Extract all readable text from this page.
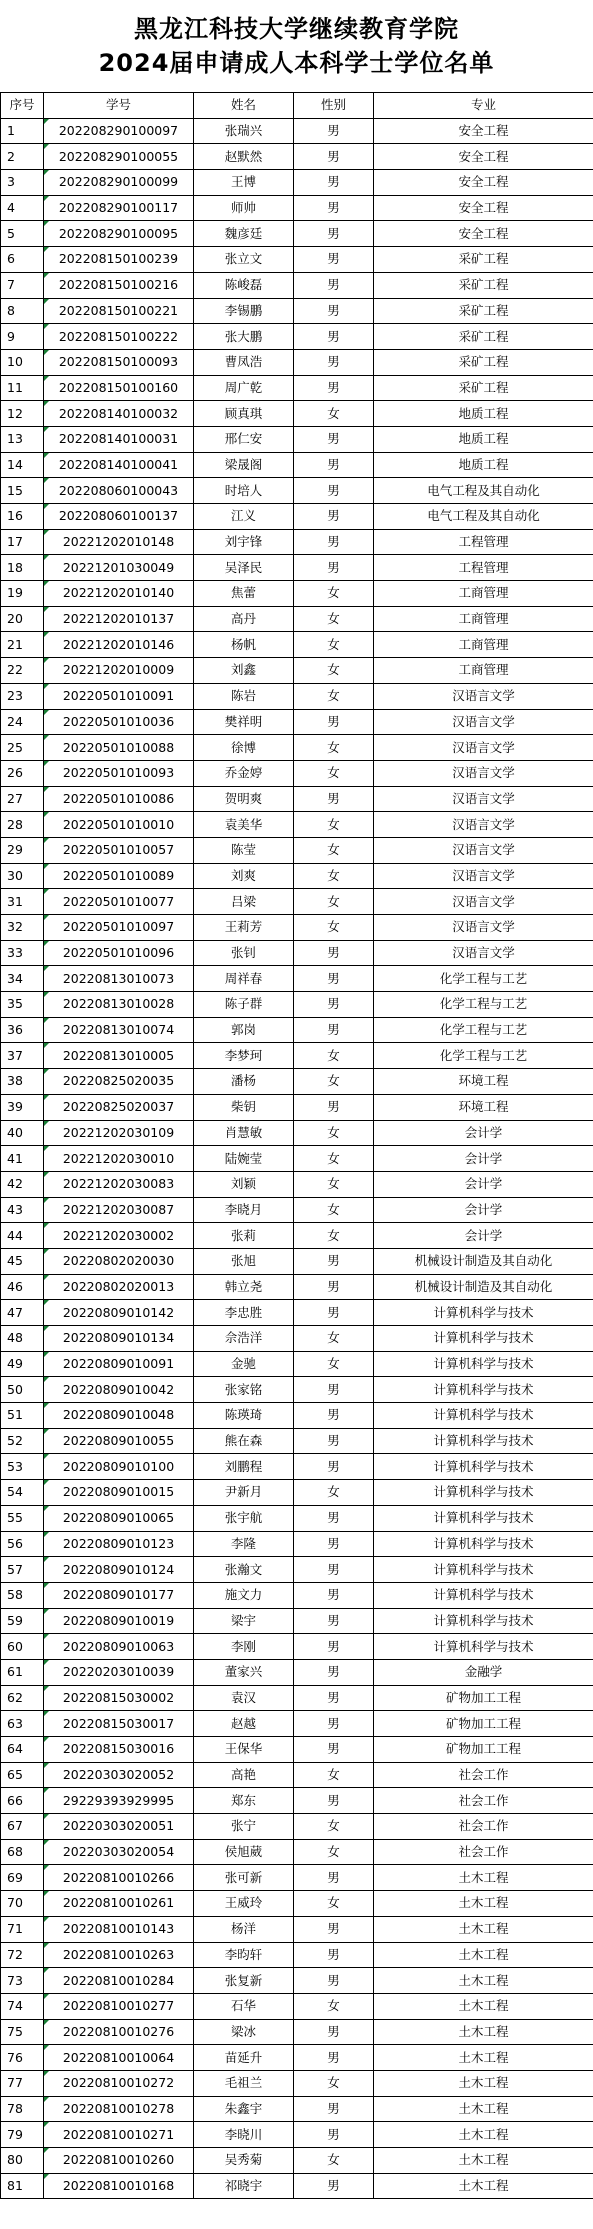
黑龙江科技大学继续教育学院
2024届申请成人本科学士学位名单
序号	学号	姓名	性别	专业
1	202208290100097	张瑞兴	男	安全工程
2	202208290100055	赵默然	男	安全工程
3	202208290100099	王博	男	安全工程
4	202208290100117	师帅	男	安全工程
5	202208290100095	魏彦廷	男	安全工程
6	202208150100239	张立文	男	采矿工程
7	202208150100216	陈峻磊	男	采矿工程
8	202208150100221	李锡鹏	男	采矿工程
9	202208150100222	张大鹏	男	采矿工程
10	202208150100093	曹凤浩	男	采矿工程
11	202208150100160	周广乾	男	采矿工程
12	202208140100032	顾真琪	女	地质工程
13	202208140100031	邢仁安	男	地质工程
14	202208140100041	梁晟阁	男	地质工程
15	202208060100043	时培人	男	电气工程及其自动化
16	202208060100137	江义	男	电气工程及其自动化
17	20221202010148	刘宇锋	男	工程管理
18	20221201030049	吴泽民	男	工程管理
19	20221202010140	焦蕾	女	工商管理
20	20221202010137	高丹	女	工商管理
21	20221202010146	杨帆	女	工商管理
22	20221202010009	刘鑫	女	工商管理
23	20220501010091	陈岩	女	汉语言文学
24	20220501010036	樊祥明	男	汉语言文学
25	20220501010088	徐博	女	汉语言文学
26	20220501010093	乔金婷	女	汉语言文学
27	20220501010086	贺明爽	男	汉语言文学
28	20220501010010	袁美华	女	汉语言文学
29	20220501010057	陈莹	女	汉语言文学
30	20220501010089	刘爽	女	汉语言文学
31	20220501010077	吕梁	女	汉语言文学
32	20220501010097	王莉芳	女	汉语言文学
33	20220501010096	张钊	男	汉语言文学
34	20220813010073	周祥春	男	化学工程与工艺
35	20220813010028	陈子群	男	化学工程与工艺
36	20220813010074	郭岗	男	化学工程与工艺
37	20220813010005	李梦珂	女	化学工程与工艺
38	20220825020035	潘杨	女	环境工程
39	20220825020037	柴钥	男	环境工程
40	20221202030109	肖慧敏	女	会计学
41	20221202030010	陆婉莹	女	会计学
42	20221202030083	刘颖	女	会计学
43	20221202030087	李晓月	女	会计学
44	20221202030002	张莉	女	会计学
45	20220802020030	张旭	男	机械设计制造及其自动化
46	20220802020013	韩立尧	男	机械设计制造及其自动化
47	20220809010142	李忠胜	男	计算机科学与技术
48	20220809010134	佘浩洋	女	计算机科学与技术
49	20220809010091	金驰	女	计算机科学与技术
50	20220809010042	张家铭	男	计算机科学与技术
51	20220809010048	陈瑛琦	男	计算机科学与技术
52	20220809010055	熊在森	男	计算机科学与技术
53	20220809010100	刘鹏程	男	计算机科学与技术
54	20220809010015	尹新月	女	计算机科学与技术
55	20220809010065	张宇航	男	计算机科学与技术
56	20220809010123	李隆	男	计算机科学与技术
57	20220809010124	张瀚文	男	计算机科学与技术
58	20220809010177	施文力	男	计算机科学与技术
59	20220809010019	梁宇	男	计算机科学与技术
60	20220809010063	李刚	男	计算机科学与技术
61	20220203010039	董家兴	男	金融学
62	20220815030002	袁汉	男	矿物加工工程
63	20220815030017	赵越	男	矿物加工工程
64	20220815030016	王保华	男	矿物加工工程
65	20220303020052	高艳	女	社会工作
66	29229393929995	郑东	男	社会工作
67	20220303020051	张宁	女	社会工作
68	20220303020054	侯旭葳	女	社会工作
69	20220810010266	张可新	男	土木工程
70	20220810010261	王威玲	女	土木工程
71	20220810010143	杨洋	男	土木工程
72	20220810010263	李昀轩	男	土木工程
73	20220810010284	张复新	男	土木工程
74	20220810010277	石华	女	土木工程
75	20220810010276	梁冰	男	土木工程
76	20220810010064	苗延升	男	土木工程
77	20220810010272	毛祖兰	女	土木工程
78	20220810010278	朱鑫宇	男	土木工程
79	20220810010271	李晓川	男	土木工程
80	20220810010260	吴秀菊	女	土木工程
81	20220810010168	祁晓宇	男	土木工程
